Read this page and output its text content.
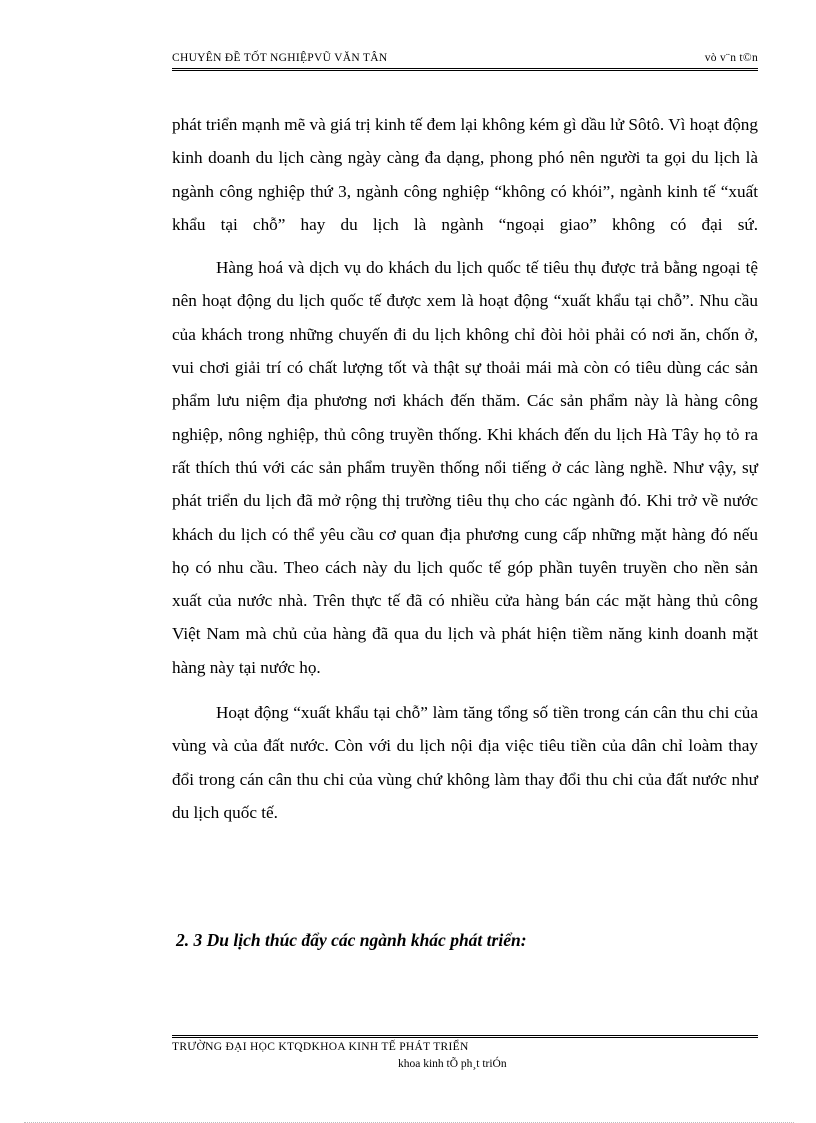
CHUYÊN ĐỀ TỐT NGHIỆPVŨ VĂN TÂN	vò v¨n t©n

phát triển mạnh mẽ và giá trị kinh tế đem lại không kém gì dầu lử Sôtô. Vì hoạt động kinh doanh du lịch càng ngày càng đa dạng, phong phó nên người ta gọi du lịch là ngành công nghiệp thứ 3, ngành công nghiệp “không có khói”, ngành kinh tế “xuất khẩu tại chỗ” hay du lịch là ngành “ngoại giao” không có đại sứ.

Hàng hoá và dịch vụ do khách du lịch quốc tế tiêu thụ được trả bằng ngoại tệ nên hoạt động du lịch quốc tế được xem là hoạt động “xuất khẩu tại chỗ”. Nhu cầu của khách trong những chuyến đi du lịch không chỉ đòi hỏi phải có nơi ăn, chốn ở, vui chơi giải trí có chất lượng tốt và thật sự thoải mái mà còn có tiêu dùng các sản phẩm lưu niệm địa phương nơi khách đến thăm. Các sản phẩm này là hàng công nghiệp, nông nghiệp, thủ công truyền thống. Khi khách đến du lịch Hà Tây họ tỏ ra rất thích thú với các sản phẩm truyền thống nổi tiếng ở các làng nghề. Như vậy, sự phát triển du lịch đã mở rộng thị trường tiêu thụ cho các ngành đó. Khi trở về nước khách du lịch có thể yêu cầu cơ quan địa phương cung cấp những mặt hàng đó nếu họ có nhu cầu. Theo cách này du lịch quốc tế góp phần tuyên truyền cho nền sản xuất của nước nhà. Trên thực tế đã có nhiều cửa hàng bán các mặt hàng thủ công Việt Nam mà chủ của hàng đã qua du lịch và phát hiện tiềm năng kinh doanh mặt hàng này tại nước họ.

Hoạt động “xuất khẩu tại chỗ” làm tăng tổng số tiền trong cán cân thu chi của vùng và của đất nước. Còn với du lịch nội địa việc tiêu tiền của dân chỉ loàm thay đổi trong cán cân thu chi của vùng chứ không làm thay đổi thu chi của đất nước như du lịch quốc tế.

2. 3 Du lịch thúc đẩy các ngành khác phát triển:
TRƯỜNG ĐẠI HỌC KTQDKHOA KINH TẾ PHÁT TRIỂN
khoa kinh tÕ ph¸t triÓn
